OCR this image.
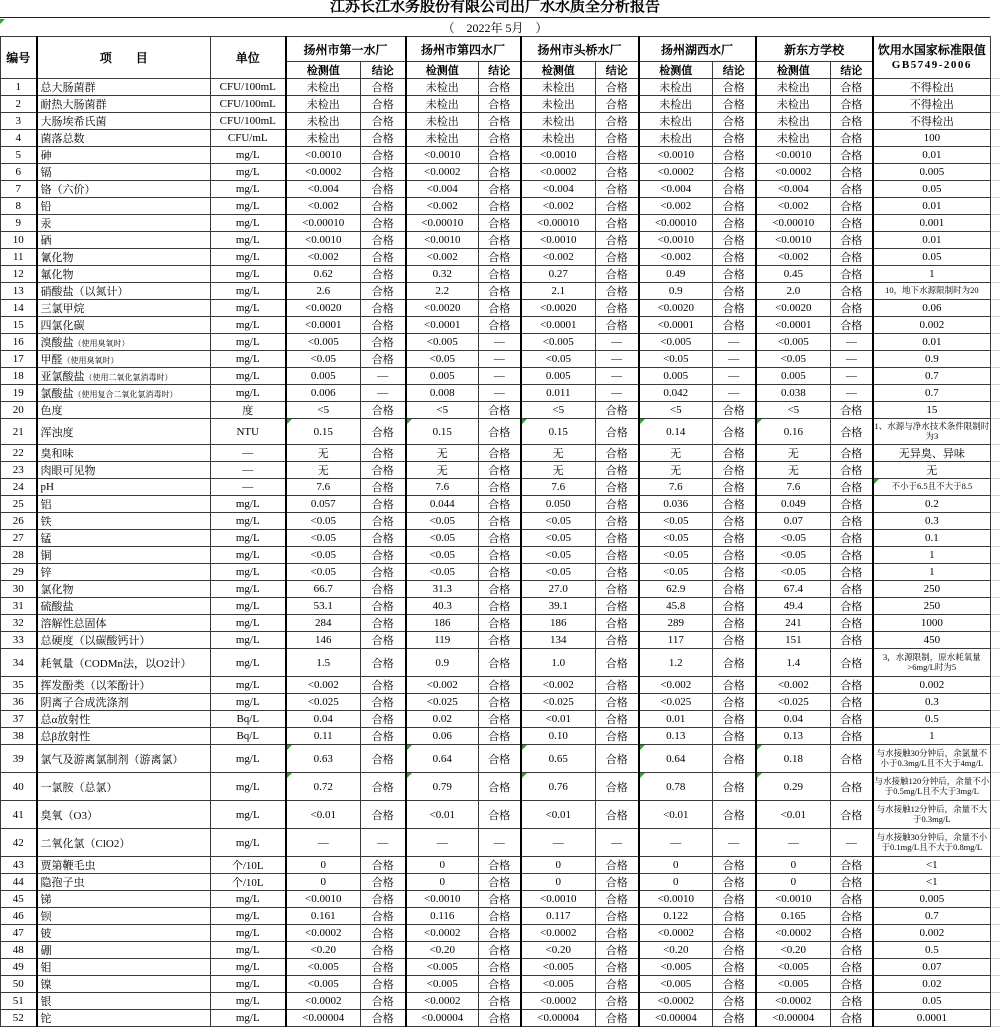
江苏长江水务股份有限公司出厂水水质全分析报告
（　2022年 5月　）
编号	项　　目	单位	扬州市第一水厂		扬州市第四水厂		扬州市头桥水厂		扬州湖西水厂		新东方学校		饮用水国家标准限值
GB5749-2006	

			检测值	结论	检测值	结论	检测值	结论	检测值	结论	检测值	结论		
1	总大肠菌群	CFU/100mL	未检出	合格	未检出	合格	未检出	合格	未检出	合格	未检出	合格	不得检出	
2	耐热大肠菌群	CFU/100mL	未检出	合格	未检出	合格	未检出	合格	未检出	合格	未检出	合格	不得检出	
3	大肠埃希氏菌	CFU/100mL	未检出	合格	未检出	合格	未检出	合格	未检出	合格	未检出	合格	不得检出	
4	菌落总数	CFU/mL	未检出	合格	未检出	合格	未检出	合格	未检出	合格	未检出	合格	100	
5	砷	mg/L	<0.0010	合格	<0.0010	合格	<0.0010	合格	<0.0010	合格	<0.0010	合格	0.01	
6	镉	mg/L	<0.0002	合格	<0.0002	合格	<0.0002	合格	<0.0002	合格	<0.0002	合格	0.005	
7	铬（六价）	mg/L	<0.004	合格	<0.004	合格	<0.004	合格	<0.004	合格	<0.004	合格	0.05	
8	铅	mg/L	<0.002	合格	<0.002	合格	<0.002	合格	<0.002	合格	<0.002	合格	0.01	
9	汞	mg/L	<0.00010	合格	<0.00010	合格	<0.00010	合格	<0.00010	合格	<0.00010	合格	0.001	
10	硒	mg/L	<0.0010	合格	<0.0010	合格	<0.0010	合格	<0.0010	合格	<0.0010	合格	0.01	
11	氰化物	mg/L	<0.002	合格	<0.002	合格	<0.002	合格	<0.002	合格	<0.002	合格	0.05	
12	氟化物	mg/L	0.62	合格	0.32	合格	0.27	合格	0.49	合格	0.45	合格	1	
13	硝酸盐（以氮计）	mg/L	2.6	合格	2.2	合格	2.1	合格	0.9	合格	2.0	合格	10，地下水源限制时为20	
14	三氯甲烷	mg/L	<0.0020	合格	<0.0020	合格	<0.0020	合格	<0.0020	合格	<0.0020	合格	0.06	
15	四氯化碳	mg/L	<0.0001	合格	<0.0001	合格	<0.0001	合格	<0.0001	合格	<0.0001	合格	0.002	
16	溴酸盐（使用臭氧时）	mg/L	<0.005	合格	<0.005	—	<0.005	—	<0.005	—	<0.005	—	0.01	
17	甲醛（使用臭氧时）	mg/L	<0.05	合格	<0.05	—	<0.05	—	<0.05	—	<0.05	—	0.9	
18	亚氯酸盐（使用二氧化氯消毒时）	mg/L	0.005	—	0.005	—	0.005	—	0.005	—	0.005	—	0.7	
19	氯酸盐（使用复合二氧化氯消毒时）	mg/L	0.006	—	0.008	—	0.011	—	0.042	—	0.038	—	0.7	
20	色度	度	<5	合格	<5	合格	<5	合格	<5	合格	<5	合格	15	
21	浑浊度	NTU	0.15	合格	0.15	合格	0.15	合格	0.14	合格	0.16	合格	1、水源与净水技术条件限制时为3	
22	臭和味	—	无	合格	无	合格	无	合格	无	合格	无	合格	无异臭、异味	
23	肉眼可见物	—	无	合格	无	合格	无	合格	无	合格	无	合格	无	
24	pH	—	7.6	合格	7.6	合格	7.6	合格	7.6	合格	7.6	合格	不小于6.5且不大于8.5

25	铝	mg/L	0.057	合格	0.044	合格	0.050	合格	0.036	合格	0.049	合格	0.2	
26	铁	mg/L	<0.05	合格	<0.05	合格	<0.05	合格	<0.05	合格	0.07	合格	0.3	
27	锰	mg/L	<0.05	合格	<0.05	合格	<0.05	合格	<0.05	合格	<0.05	合格	0.1	
28	铜	mg/L	<0.05	合格	<0.05	合格	<0.05	合格	<0.05	合格	<0.05	合格	1	
29	锌	mg/L	<0.05	合格	<0.05	合格	<0.05	合格	<0.05	合格	<0.05	合格	1	
30	氯化物	mg/L	66.7	合格	31.3	合格	27.0	合格	62.9	合格	67.4	合格	250	
31	硫酸盐	mg/L	53.1	合格	40.3	合格	39.1	合格	45.8	合格	49.4	合格	250	
32	溶解性总固体	mg/L	284	合格	186	合格	186	合格	289	合格	241	合格	1000	
33	总硬度（以碳酸钙计）	mg/L	146	合格	119	合格	134	合格	117	合格	151	合格	450	
34	耗氧量（CODMn法，以O2计）	mg/L	1.5	合格	0.9	合格	1.0	合格	1.2	合格	1.4	合格	3，水源限制，原水耗氧量>6mg/L时为5	
35	挥发酚类（以苯酚计）	mg/L	<0.002	合格	<0.002	合格	<0.002	合格	<0.002	合格	<0.002	合格	0.002	
36	阴离子合成洗涤剂	mg/L	<0.025	合格	<0.025	合格	<0.025	合格	<0.025	合格	<0.025	合格	0.3	
37	总α放射性	Bq/L	0.04	合格	0.02	合格	<0.01	合格	0.01	合格	0.04	合格	0.5	
38	总β放射性	Bq/L	0.11	合格	0.06	合格	0.10	合格	0.13	合格	0.13	合格	1	
39	氯气及游离氯制剂（游离氯）	mg/L	0.63	合格	0.64	合格	0.65	合格	0.64	合格	0.18	合格	与水接触30分钟后，余氯量不小于0.3mg/L且不大于4mg/L	
40	一氯胺（总氯）	mg/L	0.72	合格	0.79	合格	0.76	合格	0.78	合格	0.29	合格	与水接触120分钟后，余量不小于0.5mg/L且不大于3mg/L	
41	臭氧（O3）	mg/L	<0.01	合格	<0.01	合格	<0.01	合格	<0.01	合格	<0.01	合格	与水接触12分钟后，余量不大于0.3mg/L	
42	二氧化氯（ClO2）	mg/L	—	—	—	—	—	—	—	—	—	—	与水接触30分钟后，余量不小于0.1mg/L且不大于0.8mg/L	
43	贾第鞭毛虫	个/10L	0	合格	0	合格	0	合格	0	合格	0	合格	<1	
44	隐孢子虫	个/10L	0	合格	0	合格	0	合格	0	合格	0	合格	<1	
45	锑	mg/L	<0.0010	合格	<0.0010	合格	<0.0010	合格	<0.0010	合格	<0.0010	合格	0.005	
46	钡	mg/L	0.161	合格	0.116	合格	0.117	合格	0.122	合格	0.165	合格	0.7	
47	铍	mg/L	<0.0002	合格	<0.0002	合格	<0.0002	合格	<0.0002	合格	<0.0002	合格	0.002	
48	硼	mg/L	<0.20	合格	<0.20	合格	<0.20	合格	<0.20	合格	<0.20	合格	0.5	
49	钼	mg/L	<0.005	合格	<0.005	合格	<0.005	合格	<0.005	合格	<0.005	合格	0.07	
50	镍	mg/L	<0.005	合格	<0.005	合格	<0.005	合格	<0.005	合格	<0.005	合格	0.02	
51	银	mg/L	<0.0002	合格	<0.0002	合格	<0.0002	合格	<0.0002	合格	<0.0002	合格	0.05	
52	铊	mg/L	<0.00004	合格	<0.00004	合格	<0.00004	合格	<0.00004	合格	<0.00004	合格	0.0001	
